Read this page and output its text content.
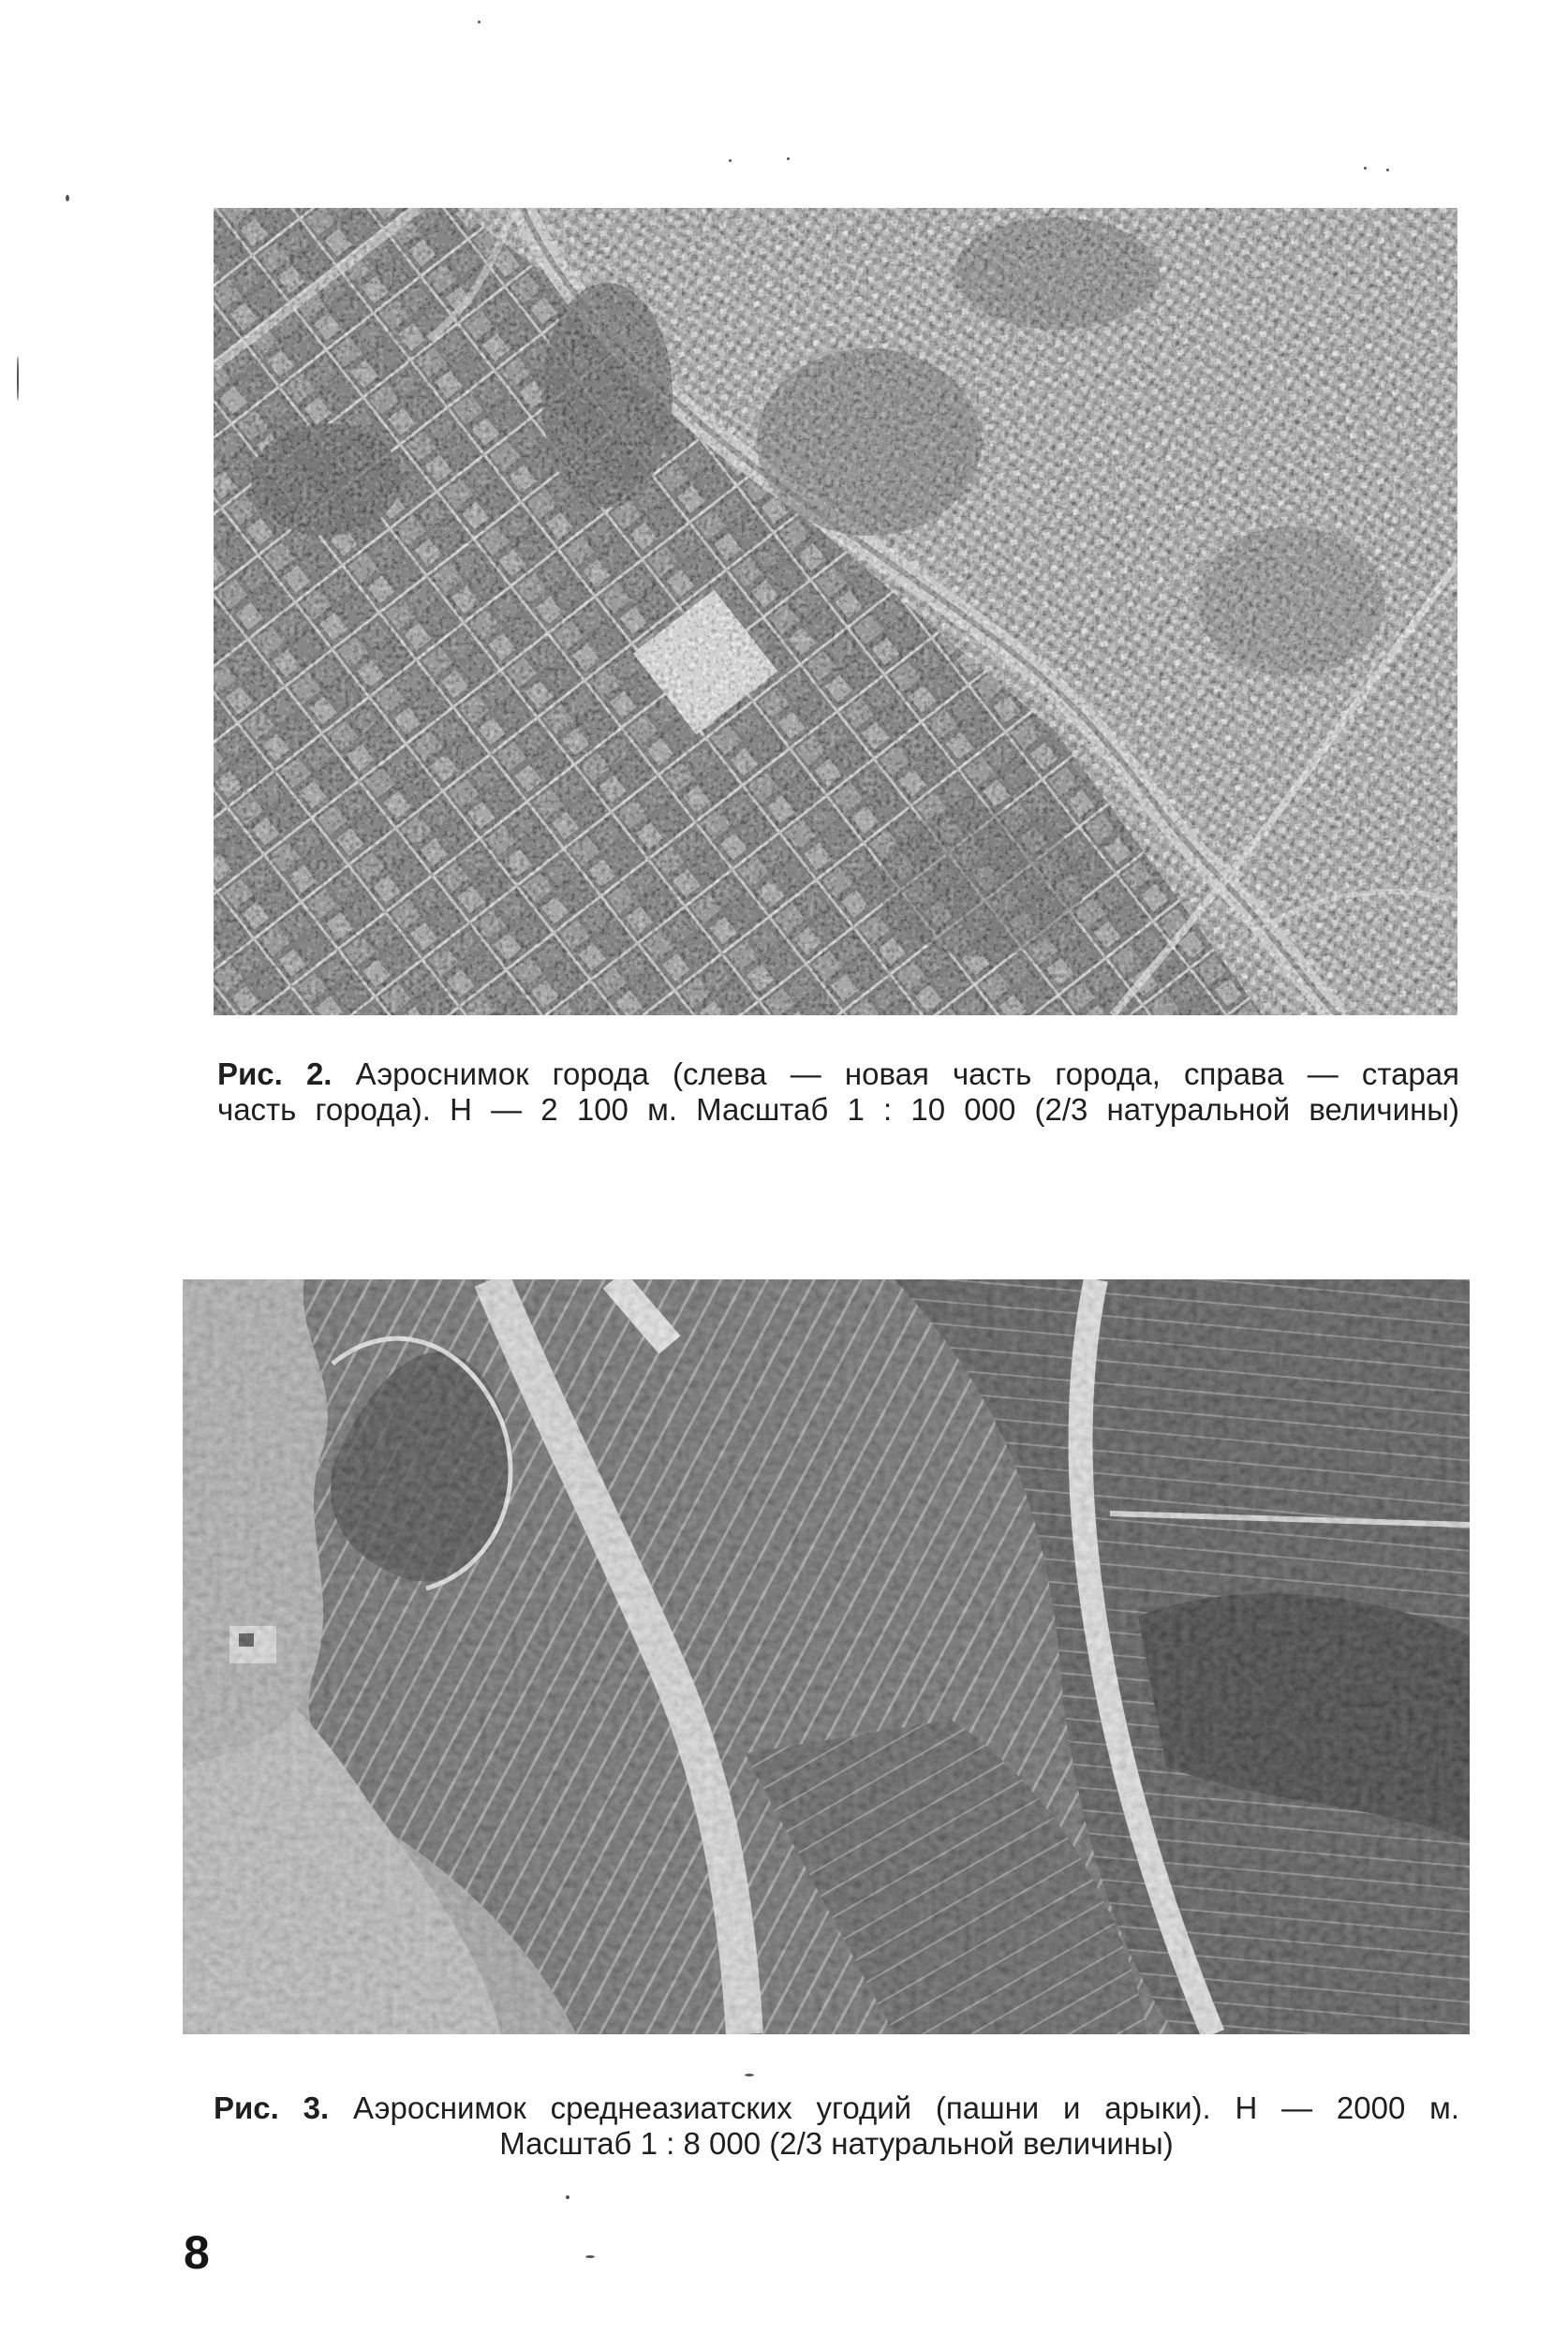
Рис. 2. Аэроснимок города (слева — новая часть города, справа — старая
часть города). H — 2 100 м. Масштаб 1 : 10 000 (2/3 натуральной величины)
Рис. 3. Аэроснимок среднеазиатских угодий (пашни и арыки). H — 2000 м.
Масштаб 1 : 8 000 (2/3 натуральной величины)
8
